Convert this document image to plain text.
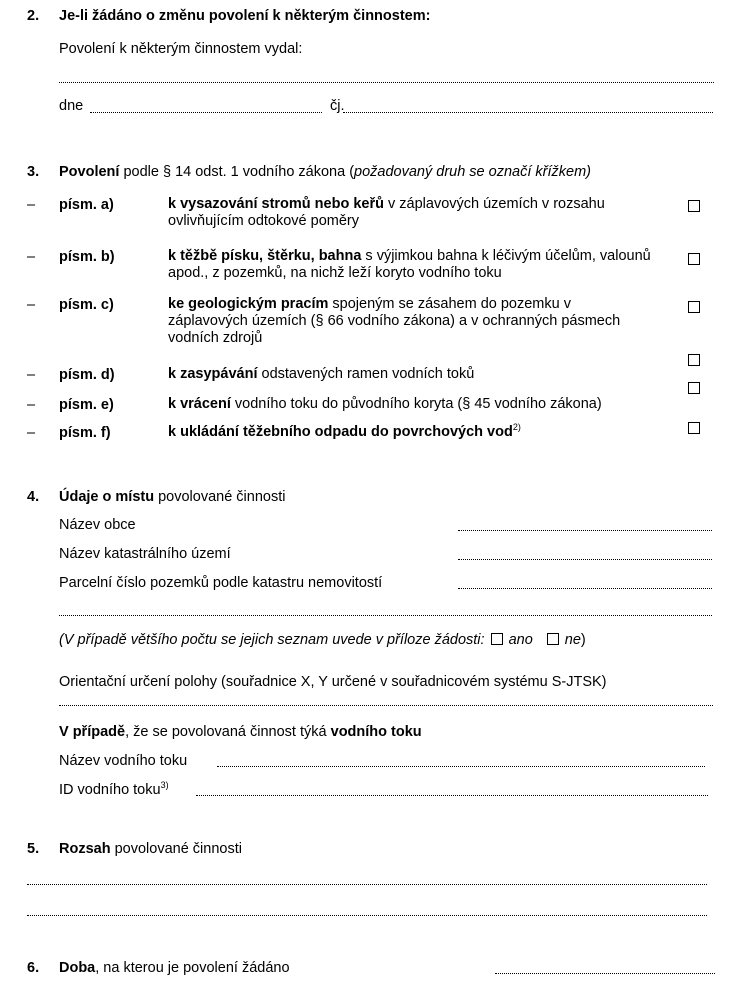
2. Je-li žádáno o změnu povolení k některým činnostem:
Povolení k některým činnostem vydal:
dne	čj.
3. Povolení podle § 14 odst. 1 vodního zákona (požadovaný druh se označí křížkem)
– písm. a)	k vysazování stromů nebo keřů v záplavových územích v rozsahu ovlivňujícím odtokové poměry
– písm. b)	k těžbě písku, štěrku, bahna s výjimkou bahna k léčivým účelům, valounů apod., z pozemků, na nichž leží koryto vodního toku
– písm. c)	ke geologickým pracím spojeným se zásahem do pozemku v záplavových územích (§ 66 vodního zákona) a v ochranných pásmech vodních zdrojů
– písm. d)	k zasypávání odstavených ramen vodních toků
– písm. e)	k vrácení vodního toku do původního koryta (§ 45 vodního zákona)
– písm. f)	k ukládání těžebního odpadu do povrchových vod$^{2)}$
4. Údaje o místu povolované činnosti
Název obce
Název katastrálního území
Parcelní číslo pozemků podle katastru nemovitostí
(V případě většího počtu se jejich seznam uvede v příloze žádosti: ano ne)
Orientační určení polohy (souřadnice X, Y určené v souřadnicovém systému S-JTSK)
V případě, že se povolovaná činnost týká vodního toku
Název vodního toku
ID vodního toku$^{3)}$
5. Rozsah povolované činnosti
6. Doba, na kterou je povolení žádáno
